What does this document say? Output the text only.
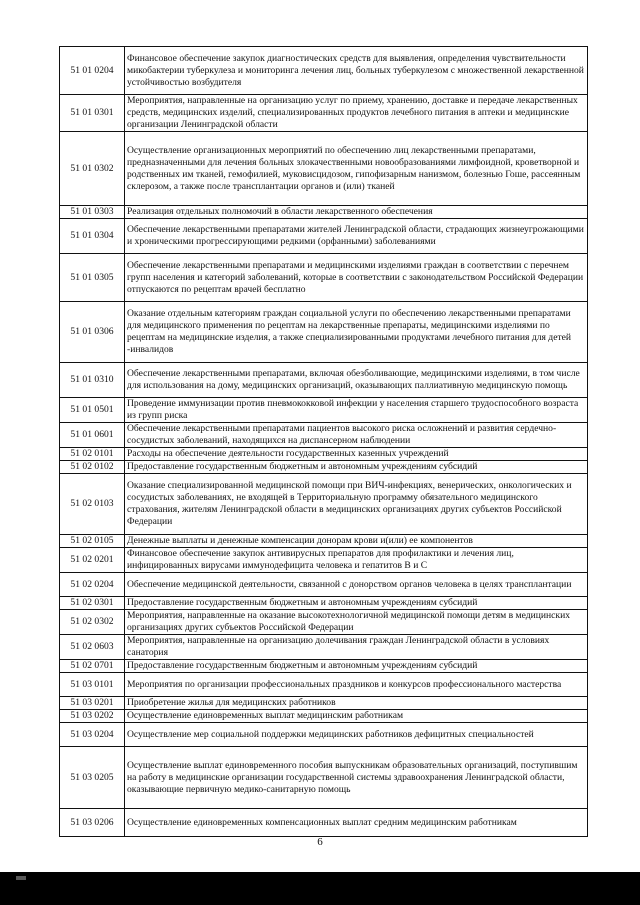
51 01 0204	Финансовое обеспечение закупок диагностических средств для выявления, определения чувствительности микобактерии туберкулеза и мониторинга лечения лиц, больных туберкулезом с множественной лекарственной устойчивостью возбудителя
51 01 0301	Мероприятия, направленные на организацию услуг по приему, хранению, доставке и передаче лекарственных средств, медицинских изделий, специализированных продуктов лечебного питания в аптеки и медицинские организации Ленинградской области
51 01 0302	Осуществление организационных мероприятий по обеспечению лиц лекарственными препаратами, предназначенными для лечения больных злокачественными новообразованиями лимфоидной, кроветворной и родственных им тканей, гемофилией, муковисцидозом, гипофизарным нанизмом, болезнью Гоше, рассеянным склерозом, а также после трансплантации органов и (или) тканей
51 01 0303	Реализация отдельных полномочий в области лекарственного обеспечения
51 01 0304	Обеспечение лекарственными препаратами жителей Ленинградской области, страдающих жизнеугрожающими и хроническими прогрессирующими редкими (орфанными) заболеваниями
51 01 0305	Обеспечение лекарственными препаратами и медицинскими изделиями граждан в соответствии с перечнем групп населения и категорий заболеваний, которые в соответствии с законодательством Российской Федерации отпускаются по рецептам врачей бесплатно
51 01 0306	Оказание отдельным категориям граждан социальной услуги по обеспечению лекарственными препаратами для медицинского применения по рецептам на лекарственные препараты, медицинскими изделиями по рецептам на медицинские изделия, а также специализированными продуктами лечебного питания для детей -инвалидов
51 01 0310	Обеспечение лекарственными препаратами, включая обезболивающие, медицинскими изделиями, в том числе для использования на дому, медицинских организаций, оказывающих паллиативную медицинскую помощь
51 01 0501	Проведение иммунизации против пневмококковой инфекции у населения старшего трудоспособного возраста из групп риска
51 01 0601	Обеспечение лекарственными препаратами пациентов высокого риска осложнений и развития сердечно-сосудистых заболеваний, находящихся на диспансерном наблюдении
51 02 0101	Расходы на обеспечение деятельности государственных казенных учреждений
51 02 0102	Предоставление государственным бюджетным и автономным учреждениям субсидий
51 02 0103	Оказание специализированной медицинской помощи при ВИЧ-инфекциях, венерических, онкологических и сосудистых заболеваниях, не входящей в Территориальную программу обязательного медицинского страхования, жителям Ленинградской области в медицинских организациях других субъектов Российской Федерации
51 02 0105	Денежные выплаты и денежные компенсации донорам крови и(или) ее компонентов
51 02 0201	Финансовое обеспечение закупок антивирусных препаратов для профилактики и лечения лиц, инфицированных вирусами иммунодефицита человека и гепатитов В и С
51 02 0204	Обеспечение медицинской деятельности, связанной с донорством органов человека в целях трансплантации
51 02 0301	Предоставление государственным бюджетным и автономным учреждениям субсидий
51 02 0302	Мероприятия, направленные на оказание высокотехнологичной медицинской помощи детям в медицинских организациях других субъектов Российской Федерации
51 02 0603	Мероприятия, направленные на организацию долечивания граждан Ленинградской области в условиях санатория
51 02 0701	Предоставление государственным бюджетным и автономным учреждениям субсидий
51 03 0101	Мероприятия по организации профессиональных праздников и конкурсов профессионального мастерства
51 03 0201	Приобретение жилья для медицинских работников
51 03 0202	Осуществление единовременных выплат медицинским работникам
51 03 0204	Осуществление мер социальной поддержки медицинских работников дефицитных специальностей
51 03 0205	Осуществление выплат единовременного пособия выпускникам образовательных организаций, поступившим на работу в медицинские организации государственной системы здравоохранения Ленинградской области, оказывающие первичную медико-санитарную помощь
51 03 0206	Осуществление единовременных компенсационных выплат средним медицинским работникам
6
